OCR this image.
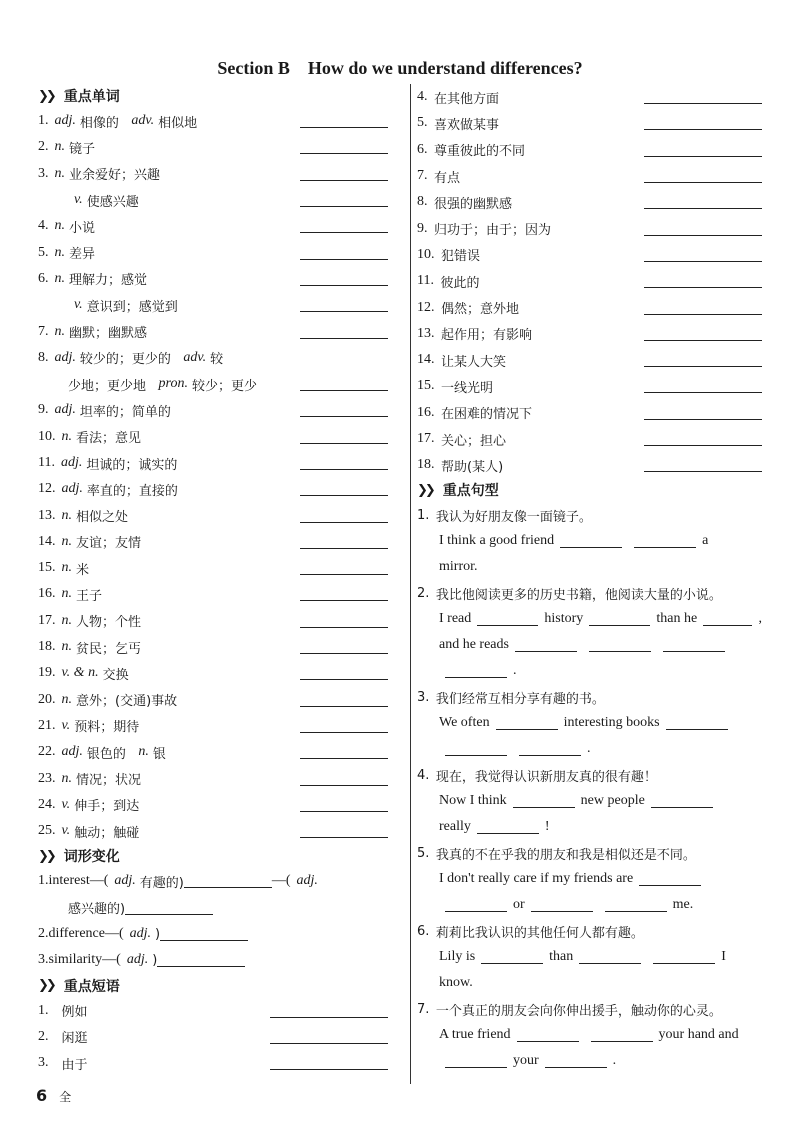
Section B How do we understand differences?
❯❯ 重点单词
1. adj. 相像的
  adv. 相似地
2. n. 镜子
3. n. 业余爱好；兴趣
v. 使感兴趣
4. n. 小说
5. n. 差异
6. n. 理解力；感觉
v. 意识到；感觉到
7. n. 幽默；幽默感
8. adj. 较少的；更少的
  adv. 较
少地；更少地
  pron. 较少；更少
9. adj. 坦率的；简单的
10. n. 看法；意见
11. adj. 坦诚的；诚实的
12. adj. 率直的；直接的
13. n. 相似之处
14. n. 友谊；友情
15. n. 米
16. n. 王子
17. n. 人物；个性
18. n. 贫民；乞丐
19. v. & n. 交换
20. n. 意外；(交通)事故
21. v. 预料；期待
22. adj. 银色的
  n. 银
23. n. 情况；状况
24. v. 伸手；到达
25. v. 触动；触碰
❯❯ 词形变化
1. interest—( adj. 有趣的)	—( adj.
感兴趣的)
2. difference—( adj. )
3. similarity—( adj. )
❯❯ 重点短语
1.  例如
2.  闲逛
3.  由于
4.  在其他方面
5.  喜欢做某事
6.  尊重彼此的不同
7.  有点
8.  很强的幽默感
9.  归功于；由于；因为
10.  犯错误
11.  彼此的
12.  偶然；意外地
13.  起作用；有影响
14.  让某人大笑
15.  一线光明
16.  在困难的情况下
17.  关心；担心
18.  帮助(某人)
❯❯ 重点句型
1.  我认为好朋友像一面镜子。
I think a good friend	a
mirror.
2.  我比他阅读更多的历史书籍，他阅读大量的小说。
I read	history	than he	,
and he reads
.
3.  我们经常互相分享有趣的书。
We often	interesting books
.
4.  现在，我觉得认识新朋友真的很有趣！
Now I think	new people
really	!
5.  我真的不在乎我的朋友和我是相似还是不同。
I don't really care if my friends are
or	me.
6.  莉莉比我认识的其他任何人都有趣。
Lily is	than	I
know.
7.  一个真正的朋友会向你伸出援手，触动你的心灵。
A true friend	your hand and
your	.
6 全
